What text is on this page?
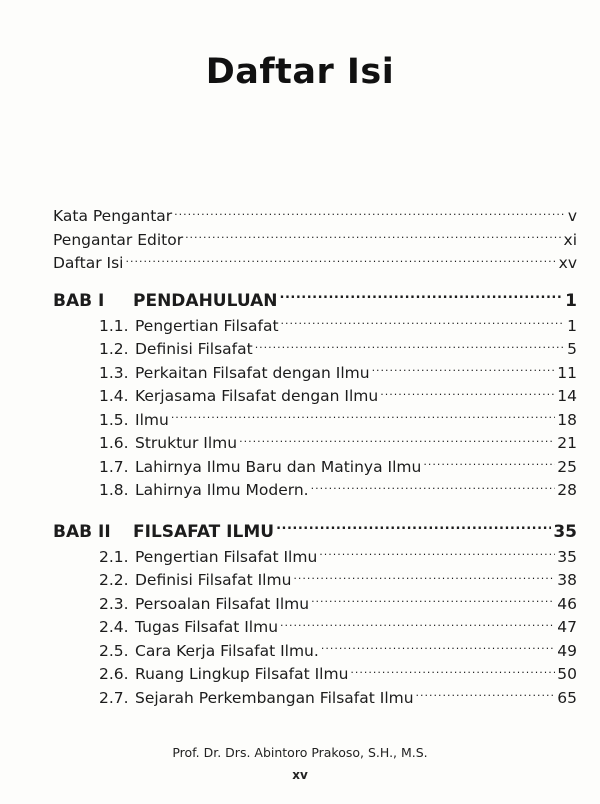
Daftar Isi
Kata Pengantar .....	v
Pengantar Editor .....	xi
Daftar Isi .....	xv
BAB I	PENDAHULUAN .....	1
1.1. Pengertian Filsafat .....	1
1.2. Definisi Filsafat .....	5
1.3. Perkaitan Filsafat dengan Ilmu .....	11
1.4. Kerjasama Filsafat dengan Ilmu .....	14
1.5. Ilmu .....	18
1.6. Struktur Ilmu .....	21
1.7. Lahirnya Ilmu Baru dan Matinya Ilmu .....	25
1.8. Lahirnya Ilmu Modern. .....	28
BAB II	FILSAFAT ILMU .....	35
2.1. Pengertian Filsafat Ilmu .....	35
2.2. Definisi Filsafat Ilmu .....	38
2.3. Persoalan Filsafat Ilmu .....	46
2.4. Tugas Filsafat Ilmu .....	47
2.5. Cara Kerja Filsafat Ilmu. .....	49
2.6. Ruang Lingkup Filsafat Ilmu .....	50
2.7. Sejarah Perkembangan Filsafat Ilmu .....	65
Prof. Dr. Drs. Abintoro Prakoso, S.H., M.S.
xv
